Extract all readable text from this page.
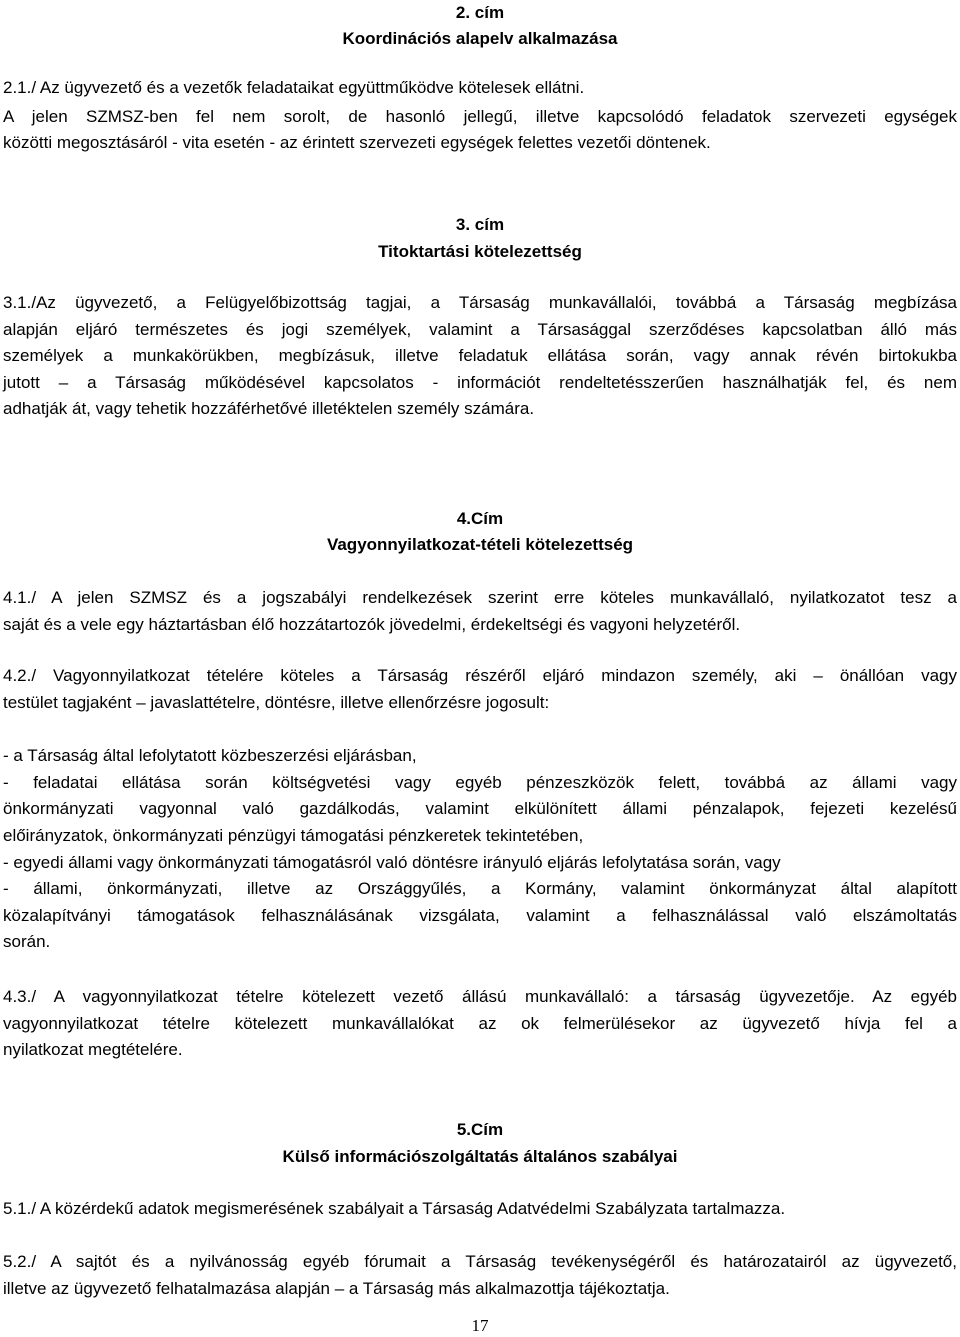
2. cím
Koordinációs alapelv alkalmazása
2.1./ Az ügyvezető és a vezetők feladataikat együttműködve kötelesek ellátni.
A jelen SZMSZ-ben fel nem sorolt, de hasonló jellegű, illetve kapcsolódó feladatok szervezeti egységek
közötti megosztásáról - vita esetén - az érintett szervezeti egységek felettes vezetői döntenek.
3. cím
Titoktartási kötelezettség
3.1./Az ügyvezető, a Felügyelőbizottság tagjai, a Társaság munkavállalói, továbbá a Társaság megbízása
alapján eljáró természetes és jogi személyek, valamint a Társasággal szerződéses kapcsolatban álló más
személyek a munkakörükben, megbízásuk, illetve feladatuk ellátása során, vagy annak révén birtokukba
jutott – a Társaság működésével kapcsolatos - információt rendeltetésszerűen használhatják fel, és nem
adhatják át, vagy tehetik hozzáférhetővé illetéktelen személy számára.
4.Cím
Vagyonnyilatkozat-tételi kötelezettség
4.1./ A jelen SZMSZ és a jogszabályi rendelkezések szerint erre köteles munkavállaló, nyilatkozatot tesz a
saját és a vele egy háztartásban élő hozzátartozók jövedelmi, érdekeltségi és vagyoni helyzetéről.
4.2./ Vagyonnyilatkozat tételére köteles a Társaság részéről eljáró mindazon személy, aki – önállóan vagy
testület tagjaként – javaslattételre, döntésre, illetve ellenőrzésre jogosult:
- a Társaság által lefolytatott közbeszerzési eljárásban,
- feladatai ellátása során költségvetési vagy egyéb pénzeszközök felett, továbbá az állami vagy
önkormányzati vagyonnal való gazdálkodás, valamint elkülönített állami pénzalapok, fejezeti kezelésű
előirányzatok, önkormányzati pénzügyi támogatási pénzkeretek tekintetében,
- egyedi állami vagy önkormányzati támogatásról való döntésre irányuló eljárás lefolytatása során, vagy
- állami, önkormányzati, illetve az Országgyűlés, a Kormány, valamint önkormányzat által alapított
közalapítványi támogatások felhasználásának vizsgálata, valamint a felhasználással való elszámoltatás
során.
4.3./ A vagyonnyilatkozat tételre kötelezett vezető állású munkavállaló: a társaság ügyvezetője. Az egyéb
vagyonnyilatkozat tételre kötelezett munkavállalókat az ok felmerülésekor az ügyvezető hívja fel a
nyilatkozat megtételére.
5.Cím
Külső információszolgáltatás általános szabályai
5.1./ A közérdekű adatok megismerésének szabályait a Társaság Adatvédelmi Szabályzata tartalmazza.
5.2./ A sajtót és a nyilvánosság egyéb fórumait a Társaság tevékenységéről és határozatairól az ügyvezető,
illetve az ügyvezető felhatalmazása alapján – a Társaság más alkalmazottja tájékoztatja.
17
